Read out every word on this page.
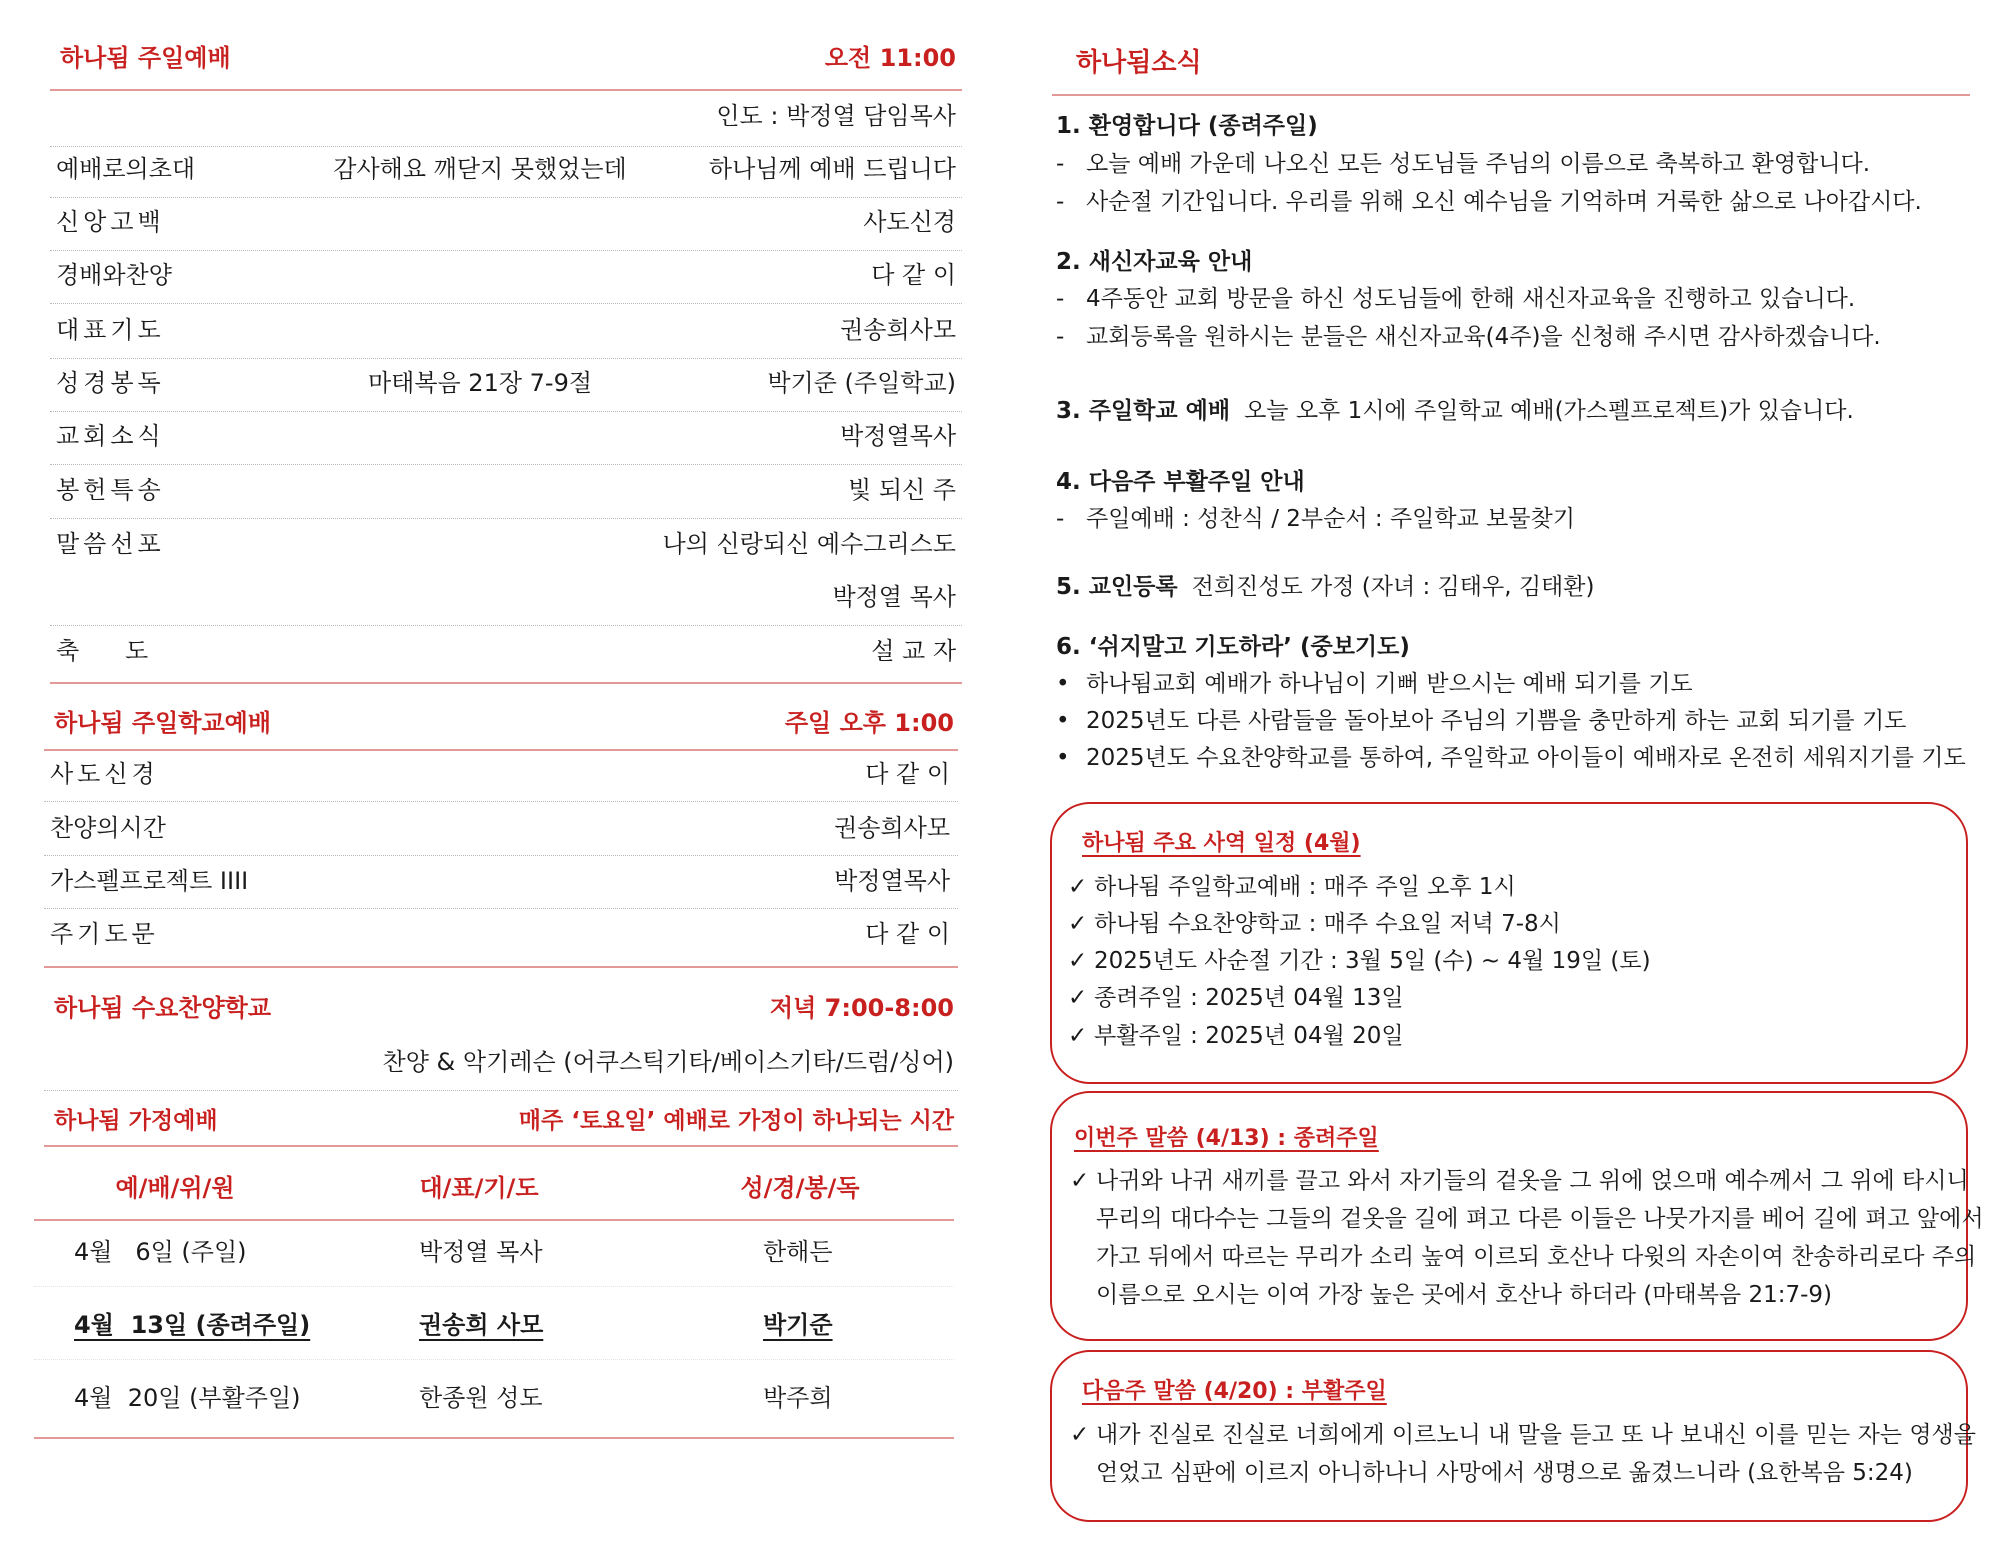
하나됨 주일예배	오전 11:00
인도 : 박정열 담임목사
예배로의초대	감사해요 깨닫지 못했었는데	하나님께 예배 드립니다
신앙고백	사도신경
경배와찬양	다 같 이
대표기도	권송희사모
성경봉독	마태복음 21장 7-9절	박기준 (주일학교)
교회소식	박정열목사
봉헌특송	빛 되신 주
말씀선포	나의 신랑되신 예수그리스도
박정열 목사
축      도	설 교 자
하나됨 주일학교예배	주일 오후 1:00
사도신경	다 같 이
찬양의시간	권송희사모
가스펠프로젝트 IIII	박정열목사
주기도문	다 같 이
하나됨 수요찬양학교	저녁 7:00-8:00
찬양 & 악기레슨 (어쿠스틱기타/베이스기타/드럼/싱어)
하나됨 가정예배	매주 ‘토요일’ 예배로 가정이 하나되는 시간
예/배/위/원	대/표/기/도	성/경/봉/독
4월   6일 (주일)	박정열 목사	한해든
4월  13일 (종려주일)	권송희 사모	박기준
4월  20일 (부활주일)	한종원 성도	박주희
하나됨소식
1. 환영합니다 (종려주일)
- 오늘 예배 가운데 나오신 모든 성도님들 주님의 이름으로 축복하고 환영합니다.
- 사순절 기간입니다. 우리를 위해 오신 예수님을 기억하며 거룩한 삶으로 나아갑시다.
2. 새신자교육 안내
- 4주동안 교회 방문을 하신 성도님들에 한해 새신자교육을 진행하고 있습니다.
- 교회등록을 원하시는 분들은 새신자교육(4주)을 신청해 주시면 감사하겠습니다.
3. 주일학교 예배 오늘 오후 1시에 주일학교 예배(가스펠프로젝트)가 있습니다.
4. 다음주 부활주일 안내
- 주일예배 : 성찬식 / 2부순서 : 주일학교 보물찾기
5. 교인등록 전희진성도 가정 (자녀 : 김태우, 김태환)
6. ‘쉬지말고 기도하라’ (중보기도)
• 하나됨교회 예배가 하나님이 기뻐 받으시는 예배 되기를 기도
• 2025년도 다른 사람들을 돌아보아 주님의 기쁨을 충만하게 하는 교회 되기를 기도
• 2025년도 수요찬양학교를 통하여, 주일학교 아이들이 예배자로 온전히 세워지기를 기도
하나됨 주요 사역 일정 (4월)
✓ 하나됨 주일학교예배 : 매주 주일 오후 1시
✓ 하나됨 수요찬양학교 : 매주 수요일 저녁 7-8시
✓ 2025년도 사순절 기간 : 3월 5일 (수) ~ 4월 19일 (토)
✓ 종려주일 : 2025년 04월 13일
✓ 부활주일 : 2025년 04월 20일
이번주 말씀 (4/13) : 종려주일
✓ 나귀와 나귀 새끼를 끌고 와서 자기들의 겉옷을 그 위에 얹으매 예수께서 그 위에 타시니
무리의 대다수는 그들의 겉옷을 길에 펴고 다른 이들은 나뭇가지를 베어 길에 펴고 앞에서
가고 뒤에서 따르는 무리가 소리 높여 이르되 호산나 다윗의 자손이여 찬송하리로다 주의
이름으로 오시는 이여 가장 높은 곳에서 호산나 하더라 (마태복음 21:7-9)
다음주 말씀 (4/20) : 부활주일
✓ 내가 진실로 진실로 너희에게 이르노니 내 말을 듣고 또 나 보내신 이를 믿는 자는 영생을
얻었고 심판에 이르지 아니하나니 사망에서 생명으로 옮겼느니라 (요한복음 5:24)
